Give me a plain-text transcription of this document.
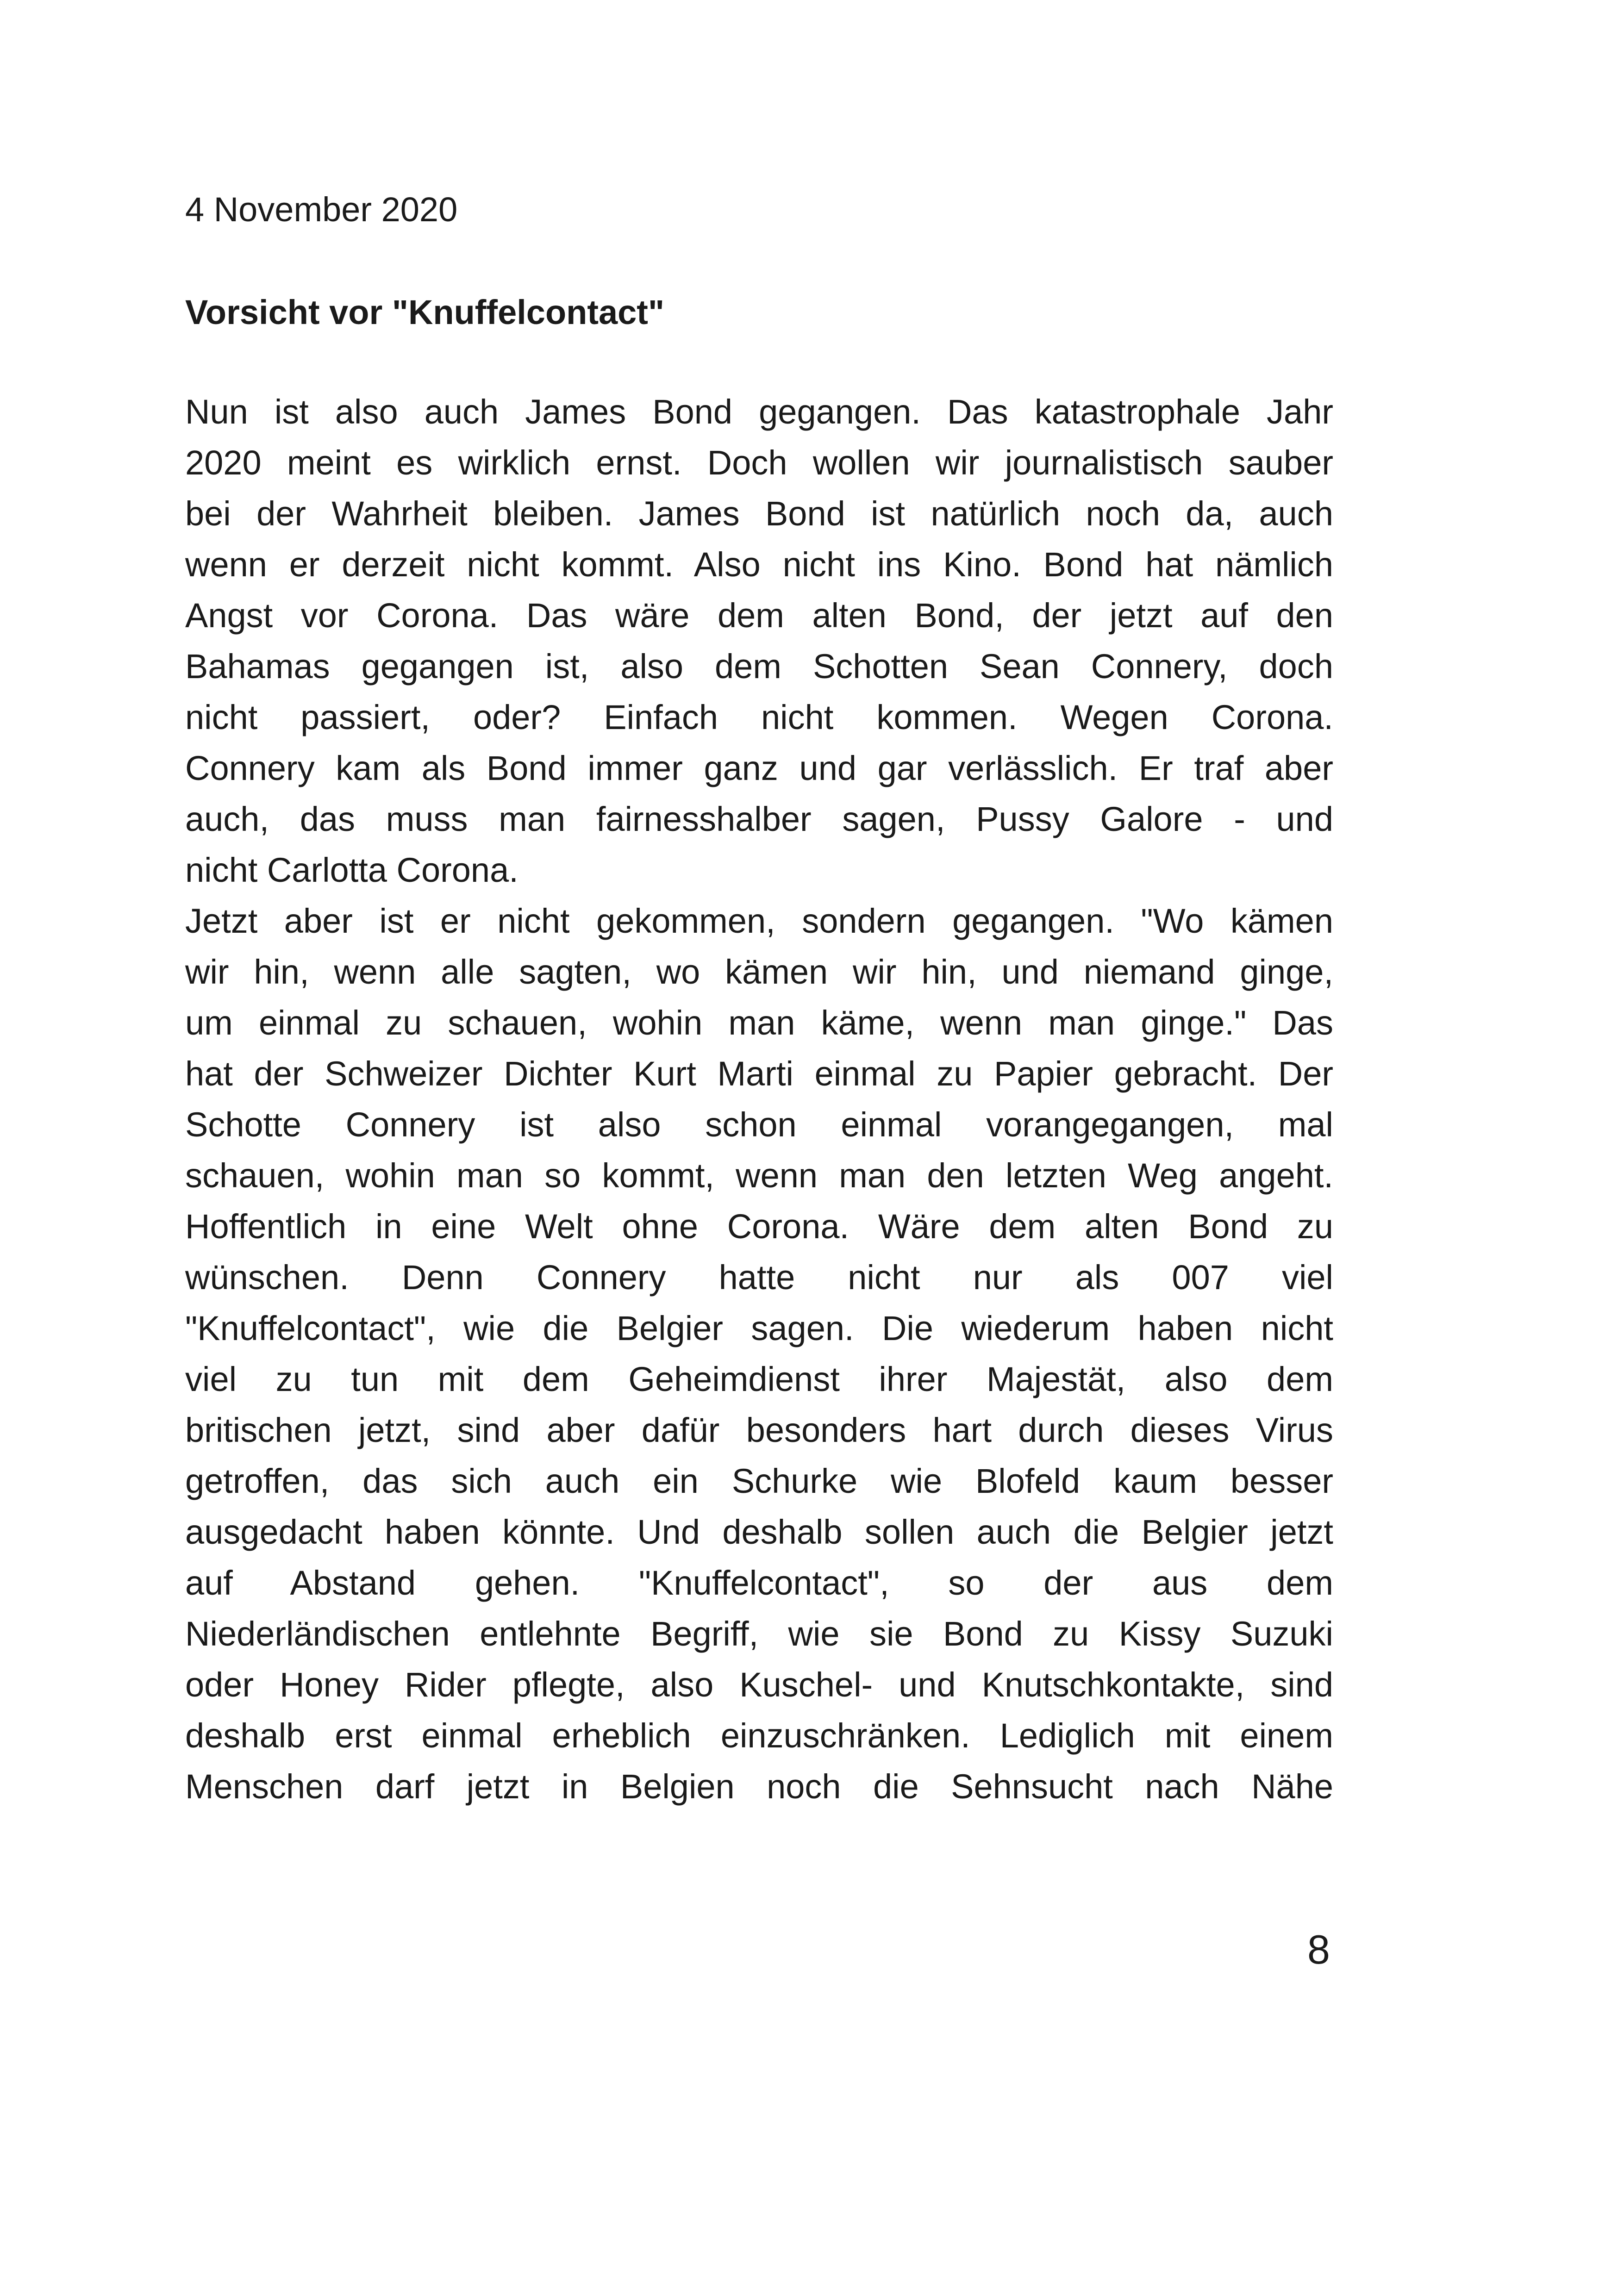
4 November 2020
Vorsicht vor "Knuffelcontact"
Nun ist also auch James Bond gegangen. Das katastrophale Jahr
2020 meint es wirklich ernst. Doch wollen wir journalistisch sauber
bei der Wahrheit bleiben. James Bond ist natürlich noch da, auch
wenn er derzeit nicht kommt. Also nicht ins Kino. Bond hat nämlich
Angst vor Corona. Das wäre dem alten Bond, der jetzt auf den
Bahamas gegangen ist, also dem Schotten Sean Connery, doch
nicht passiert, oder? Einfach nicht kommen. Wegen Corona.
Connery kam als Bond immer ganz und gar verlässlich. Er traf aber
auch, das muss man fairnesshalber sagen, Pussy Galore - und
nicht Carlotta Corona.
Jetzt aber ist er nicht gekommen, sondern gegangen. "Wo kämen
wir hin, wenn alle sagten, wo kämen wir hin, und niemand ginge,
um einmal zu schauen, wohin man käme, wenn man ginge." Das
hat der Schweizer Dichter Kurt Marti einmal zu Papier gebracht. Der
Schotte Connery ist also schon einmal vorangegangen, mal
schauen, wohin man so kommt, wenn man den letzten Weg angeht.
Hoffentlich in eine Welt ohne Corona. Wäre dem alten Bond zu
wünschen. Denn Connery hatte nicht nur als 007 viel
"Knuffelcontact", wie die Belgier sagen. Die wiederum haben nicht
viel zu tun mit dem Geheimdienst ihrer Majestät, also dem
britischen jetzt, sind aber dafür besonders hart durch dieses Virus
getroffen, das sich auch ein Schurke wie Blofeld kaum besser
ausgedacht haben könnte. Und deshalb sollen auch die Belgier jetzt
auf Abstand gehen. "Knuffelcontact", so der aus dem
Niederländischen entlehnte Begriff, wie sie Bond zu Kissy Suzuki
oder Honey Rider pflegte, also Kuschel- und Knutschkontakte, sind
deshalb erst einmal erheblich einzuschränken. Lediglich mit einem
Menschen darf jetzt in Belgien noch die Sehnsucht nach Nähe
8
